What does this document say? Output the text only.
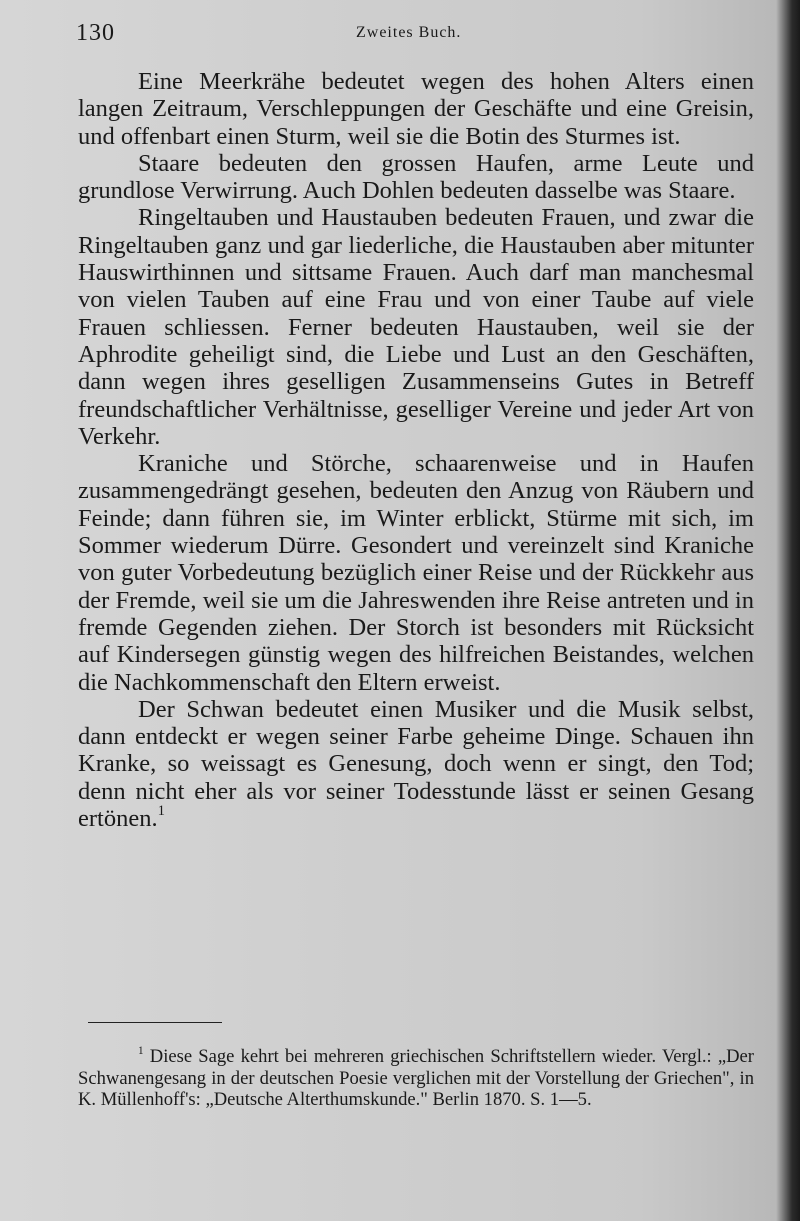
130	Zweites Buch.

Eine Meerkrähe bedeutet wegen des hohen Alters einen langen Zeitraum, Verschleppungen der Geschäfte und eine Greisin, und offenbart einen Sturm, weil sie die Botin des Sturmes ist.

Staare bedeuten den grossen Haufen, arme Leute und grundlose Verwirrung. Auch Dohlen bedeuten dasselbe was Staare.

Ringeltauben und Haustauben bedeuten Frauen, und zwar die Ringeltauben ganz und gar liederliche, die Haustauben aber mitunter Hauswirthinnen und sittsame Frauen. Auch darf man manchesmal von vielen Tauben auf eine Frau und von einer Taube auf viele Frauen schliessen. Ferner bedeuten Haustauben, weil sie der Aphrodite geheiligt sind, die Liebe und Lust an den Geschäften, dann wegen ihres geselligen Zusammenseins Gutes in Betreff freundschaftlicher Verhältnisse, geselliger Vereine und jeder Art von Verkehr.

Kraniche und Störche, schaarenweise und in Haufen zusammengedrängt gesehen, bedeuten den Anzug von Räubern und Feinde; dann führen sie, im Winter erblickt, Stürme mit sich, im Sommer wiederum Dürre. Gesondert und vereinzelt sind Kraniche von guter Vorbedeutung bezüglich einer Reise und der Rückkehr aus der Fremde, weil sie um die Jahreswenden ihre Reise antreten und in fremde Gegenden ziehen. Der Storch ist besonders mit Rücksicht auf Kindersegen günstig wegen des hilfreichen Beistandes, welchen die Nachkommenschaft den Eltern erweist.

Der Schwan bedeutet einen Musiker und die Musik selbst, dann entdeckt er wegen seiner Farbe geheime Dinge. Schauen ihn Kranke, so weissagt es Genesung, doch wenn er singt, den Tod; denn nicht eher als vor seiner Todesstunde lässt er seinen Gesang ertönen.$^1$

$^1$ Diese Sage kehrt bei mehreren griechischen Schriftstellern wieder. Vergl.: „Der Schwanengesang in der deutschen Poesie verglichen mit der Vorstellung der Griechen", in K. Müllenhoff's: „Deutsche Alterthumskunde." Berlin 1870. S. 1—5.
